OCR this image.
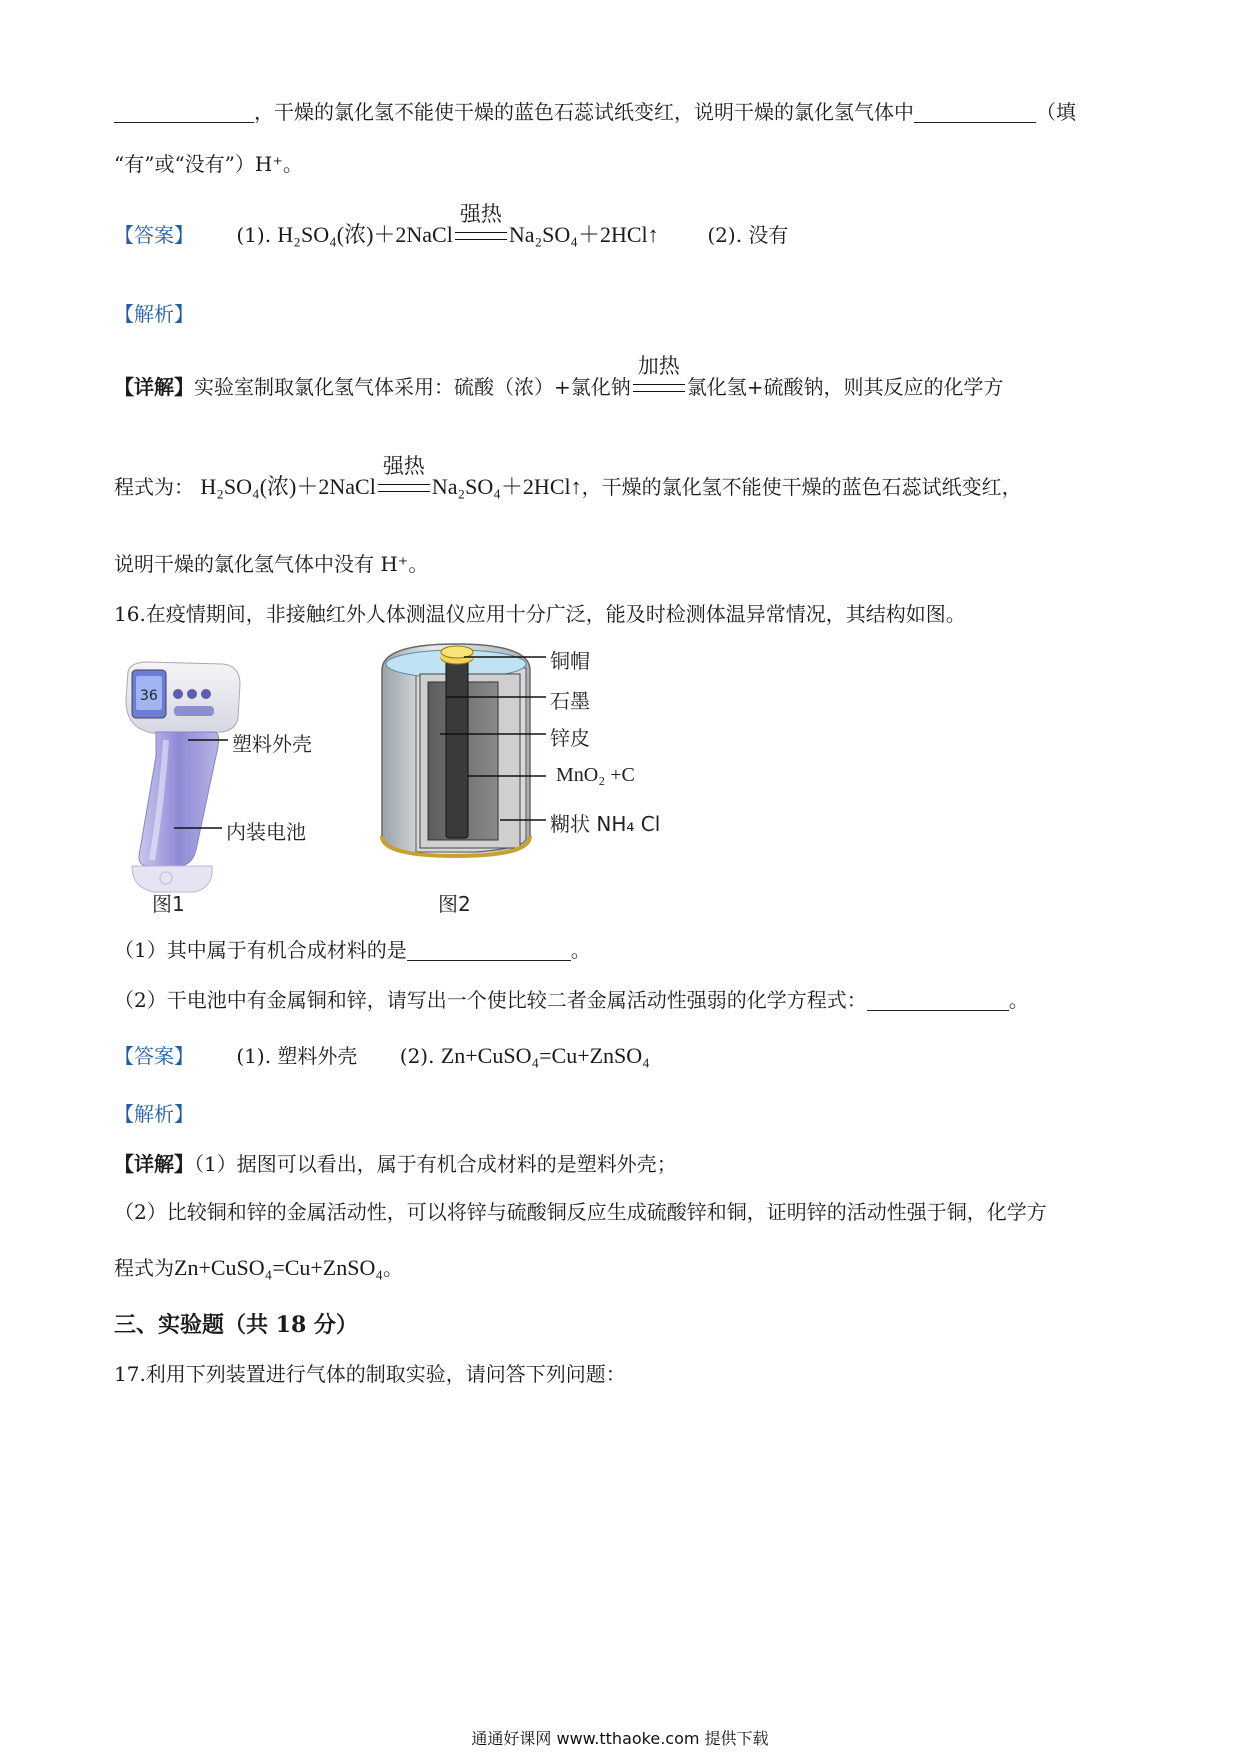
，干燥的氯化氢不能使干燥的蓝色石蕊试纸变红，说明干燥的氯化氢气体中	（填
“有”或“没有”）H⁺。
【答案】 (1). H₂SO₄(浓)＋2NaCl
强热
Na₂SO₄＋2HCl↑ (2). 没有
【解析】
【详解】实验室制取氯化氢气体采用：硫酸（浓）+氯化钠
加热
氯化氢+硫酸钠，则其反应的化学方
程式为： H₂SO₄(浓)＋2NaCl
强热
Na₂SO₄＋2HCl↑，干燥的氯化氢不能使干燥的蓝色石蕊试纸变红，
说明干燥的氯化氢气体中没有 H⁺。
16.在疫情期间，非接触红外人体测温仪应用十分广泛，能及时检测体温异常情况，其结构如图。
36
塑料外壳
内装电池
图1
铜帽
石墨
锌皮
MnO₂ +C
糊状 NH₄ Cl
图2
（1）其中属于有机合成材料的是	。
（2）干电池中有金属铜和锌，请写出一个使比较二者金属活动性强弱的化学方程式：	。
【答案】 (1). 塑料外壳 (2). Zn+CuSO₄=Cu+ZnSO₄
【解析】
【详解】（1）据图可以看出，属于有机合成材料的是塑料外壳；
（2）比较铜和锌的金属活动性，可以将锌与硫酸铜反应生成硫酸锌和铜，证明锌的活动性强于铜，化学方
程式为Zn+CuSO₄=Cu+ZnSO₄。
三、实验题（共 18 分）
17.利用下列装置进行气体的制取实验，请问答下列问题：
通通好课网 www.tthaoke.com 提供下载
